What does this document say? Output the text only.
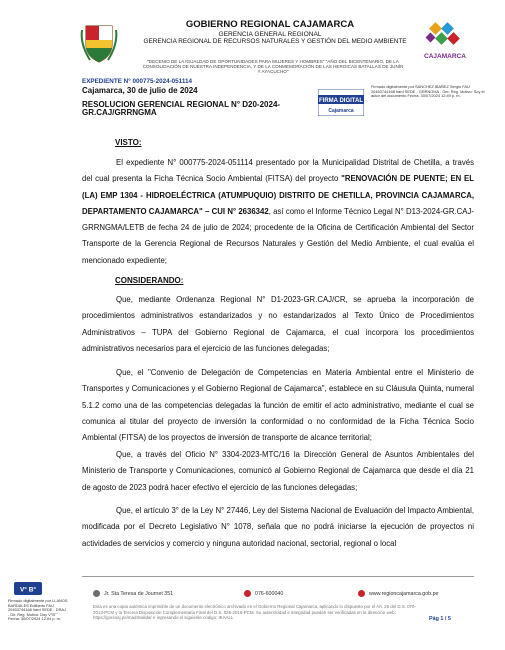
GOBIERNO REGIONAL CAJAMARCA
GERENCIA GENERAL REGIONAL
GERENCIA REGIONAL DE RECURSOS NATURALES Y GESTIÓN DEL MEDIO AMBIENTE
CAJAMARCA
"DECENIO DE LA IGUALDAD DE OPORTUNIDADES PARA MUJERES Y HOMBRES" "AÑO DEL BICENTENARIO, DE LA CONSOLIDACIÓN DE NUESTRA INDEPENDENCIA, Y DE LA CONMEMORACIÓN DE LAS HEROICAS BATALLAS DE JUNÍN Y AYACUCHO"
EXPEDIENTE N° 000775-2024-051114
Cajamarca, 30 de julio de 2024
RESOLUCION GERENCIAL REGIONAL N° D20-2024-GR.CAJ/GRRNGMA
FIRMA DIGITAL
Cajamarca
Firmado digitalmente por SANCHEZ IBAÑEZ Sergio FAU 20453744168 hard SEDE - GRRNGMA - Ger. Reg. Motivo: Soy el autor del documento Fecha: 30/07/2024 12:49 p. m.
VISTO:
El expediente N° 000775-2024-051114 presentado por la Municipalidad Distrital de Chetilla, a través del cual presenta la Ficha Técnica Socio Ambiental (FITSA) del proyecto "RENOVACIÓN DE PUENTE; EN EL (LA) EMP 1304 - HIDROELÉCTRICA (ATUMPUQUIO) DISTRITO DE CHETILLA, PROVINCIA CAJAMARCA, DEPARTAMENTO CAJAMARCA" – CUI N° 2636342, así como el Informe Técnico Legal N° D13-2024-GR.CAJ-GRRNGMA/LETB de fecha 24 de julio de 2024; procedente de la Oficina de Certificación Ambiental del Sector Transporte de la Gerencia Regional de Recursos Naturales y Gestión del Medio Ambiente, el cual evalúa el mencionado expediente;
CONSIDERANDO:
Que, mediante Ordenanza Regional N° D1-2023-GR.CAJ/CR, se aprueba la incorporación de procedimientos administrativos estandarizados y no estandarizados al Texto Único de Procedimientos Administrativos – TUPA del Gobierno Regional de Cajamarca, el cual incorpora los procedimientos administrativos necesarios para el ejercicio de las funciones delegadas;
Que, el "Convenio de Delegación de Competencias en Materia Ambiental entre el Ministerio de Transportes y Comunicaciones y el Gobierno Regional de Cajamarca", establece en su Cláusula Quinta, numeral 5.1.2 como una de las competencias delegadas la función de emitir el acto administrativo, mediante el cual se comunica al titular del proyecto de inversión la conformidad o no conformidad de la Ficha Técnica Socio Ambiental (FITSA) de los proyectos de inversión de transporte de alcance territorial;
Que, a través del Oficio N° 3304-2023-MTC/16 la Dirección General de Asuntos Ambientales del Ministerio de Transporte y Comunicaciones, comunicó al Gobierno Regional de Cajamarca que desde el día 21 de agosto de 2023 podrá hacer efectivo el ejercicio de las funciones delegadas;
Que, el artículo 3° de la Ley N° 27446, Ley del Sistema Nacional de Evaluación del Impacto Ambiental, modificada por el Decreto Legislativo N° 1078, señala que no podrá iniciarse la ejecución de proyectos ni actividades de servicios y comercio y ninguna autoridad nacional, sectorial, regional o local
V° B°
Firmado digitalmente por LLANOS BARDALES Edilberto FAU 20453744168 hard SEDE - DRAJ - Dir. Reg. Motivo: Doy V°B° Fecha: 30/07/2024 12:04 p. m.
Jr. Sta Teresa de Journet 351	076-600040	www.regioncajamarca.gob.pe
Esta es una copia auténtica imprimible de un documento electrónico archivado en el Gobierno Regional Cajamarca, aplicando lo dispuesto por el Art. 25 del D.S. 070-2013-PCM y la Tercera Disposición Complementaria Final del D.S. 026-2016-PCM. Su autenticidad e integridad pueden ser verificadas en la dirección web: https://goresaj.pe/mad3validar e ingresando el siguiente código: IKAALL	Pág 1 / 5
